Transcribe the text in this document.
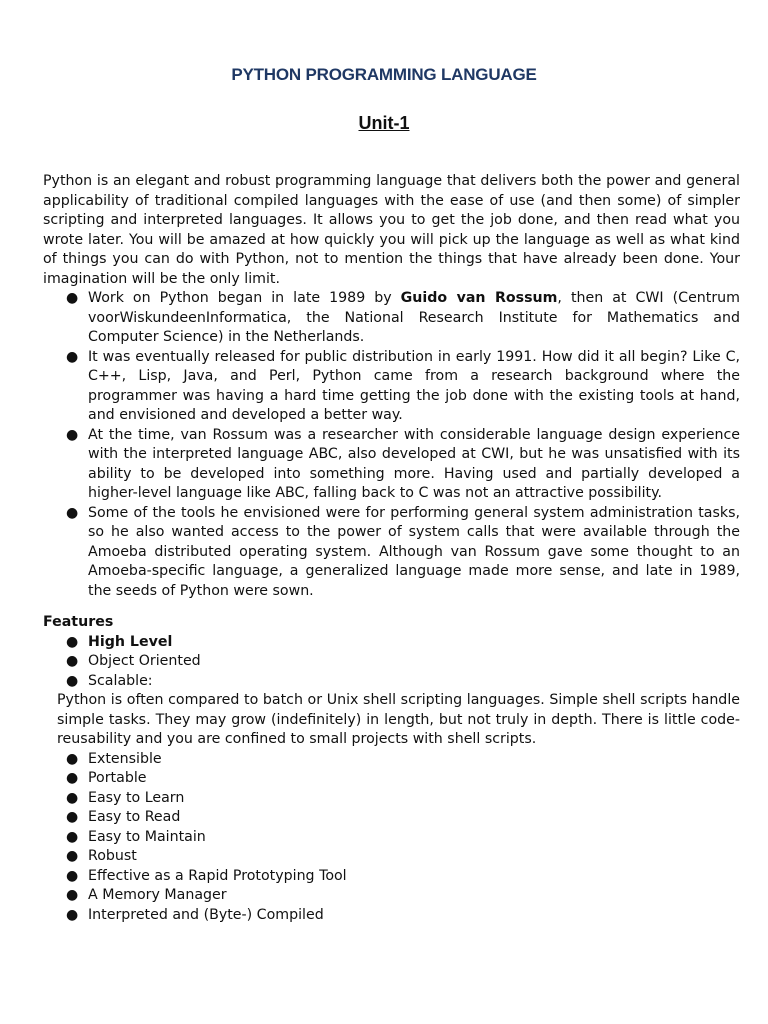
PYTHON PROGRAMMING LANGUAGE
Unit-1

Python is an elegant and robust programming language that delivers both the power and general applicability of traditional compiled languages with the ease of use (and then some) of simpler scripting and interpreted languages. It allows you to get the job done, and then read what you wrote later. You will be amazed at how quickly you will pick up the language as well as what kind of things you can do with Python, not to mention the things that have already been done. Your imagination will be the only limit.

● Work on Python began in late 1989 by Guido van Rossum, then at CWI (Centrum voorWiskundeenInformatica, the National Research Institute for Mathematics and Computer Science) in the Netherlands.
● It was eventually released for public distribution in early 1991. How did it all begin? Like C, C++, Lisp, Java, and Perl, Python came from a research background where the programmer was having a hard time getting the job done with the existing tools at hand, and envisioned and developed a better way.
● At the time, van Rossum was a researcher with considerable language design experience with the interpreted language ABC, also developed at CWI, but he was unsatisfied with its ability to be developed into something more. Having used and partially developed a higher-level language like ABC, falling back to C was not an attractive possibility.
● Some of the tools he envisioned were for performing general system administration tasks, so he also wanted access to the power of system calls that were available through the Amoeba distributed operating system. Although van Rossum gave some thought to an Amoeba-specific language, a generalized language made more sense, and late in 1989, the seeds of Python were sown.
Features
● High Level
● Object Oriented
● Scalable:

Python is often compared to batch or Unix shell scripting languages. Simple shell scripts handle simple tasks. They may grow (indefinitely) in length, but not truly in depth. There is little code-reusability and you are confined to small projects with shell scripts.

● Extensible
● Portable
● Easy to Learn
● Easy to Read
● Easy to Maintain
● Robust
● Effective as a Rapid Prototyping Tool
● A Memory Manager
● Interpreted and (Byte-) Compiled
